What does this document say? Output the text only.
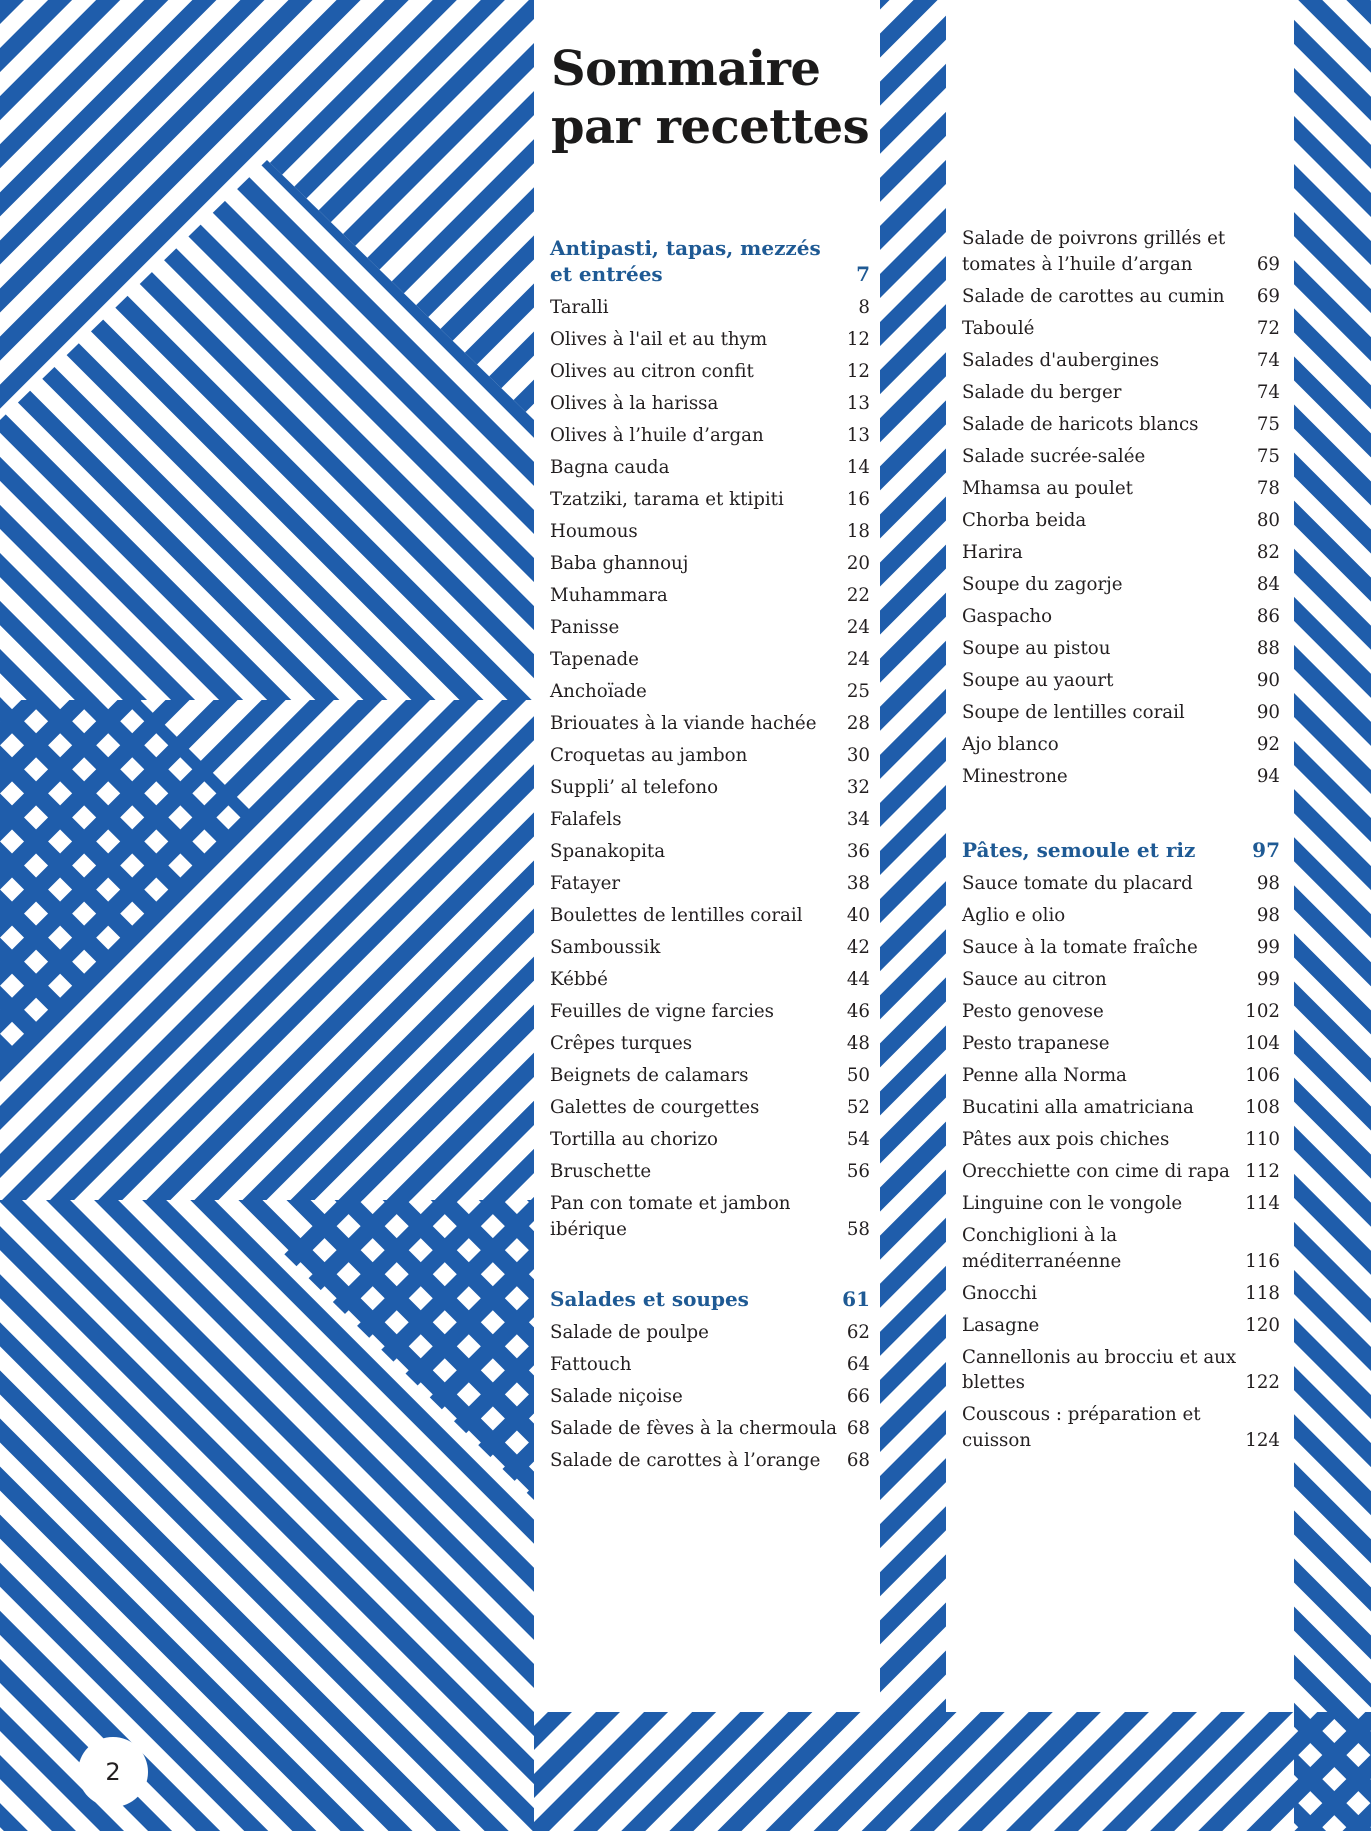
Sommaire
par recettes
Antipasti, tapas, mezzés
et entrées	7
Taralli	8
Olives à l'ail et au thym	12
Olives au citron confit	12
Olives à la harissa	13
Olives à l’huile d’argan	13
Bagna cauda	14
Tzatziki, tarama et ktipiti	16
Houmous	18
Baba ghannouj	20
Muhammara	22
Panisse	24
Tapenade	24
Anchoïade	25
Briouates à la viande hachée	28
Croquetas au jambon	30
Suppli’ al telefono	32
Falafels	34
Spanakopita	36
Fatayer	38
Boulettes de lentilles corail	40
Samboussik	42
Kébbé	44
Feuilles de vigne farcies	46
Crêpes turques	48
Beignets de calamars	50
Galettes de courgettes	52
Tortilla au chorizo	54
Bruschette	56
Pan con tomate et jambon ibérique	58
Salades et soupes	61
Salade de poulpe	62
Fattouch	64
Salade niçoise	66
Salade de fèves à la chermoula 68
Salade de carottes à l’orange	68
Salade de poivrons grillés et tomates à l’huile d’argan	69
Salade de carottes au cumin	69
Taboulé	72
Salades d'aubergines	74
Salade du berger	74
Salade de haricots blancs	75
Salade sucrée-salée	75
Mhamsa au poulet	78
Chorba beida	80
Harira	82
Soupe du zagorje	84
Gaspacho	86
Soupe au pistou	88
Soupe au yaourt	90
Soupe de lentilles corail	90
Ajo blanco	92
Minestrone	94
Pâtes, semoule et riz	97
Sauce tomate du placard	98
Aglio e olio	98
Sauce à la tomate fraîche	99
Sauce au citron	99
Pesto genovese	102
Pesto trapanese	104
Penne alla Norma	106
Bucatini alla amatriciana	108
Pâtes aux pois chiches	110
Orecchiette con cime di rapa 112
Linguine con le vongole	114
Conchiglioni à la méditerranéenne	116
Gnocchi	118
Lasagne	120
Cannellonis au brocciu et aux blettes	122
Couscous : préparation et cuisson	124
2
